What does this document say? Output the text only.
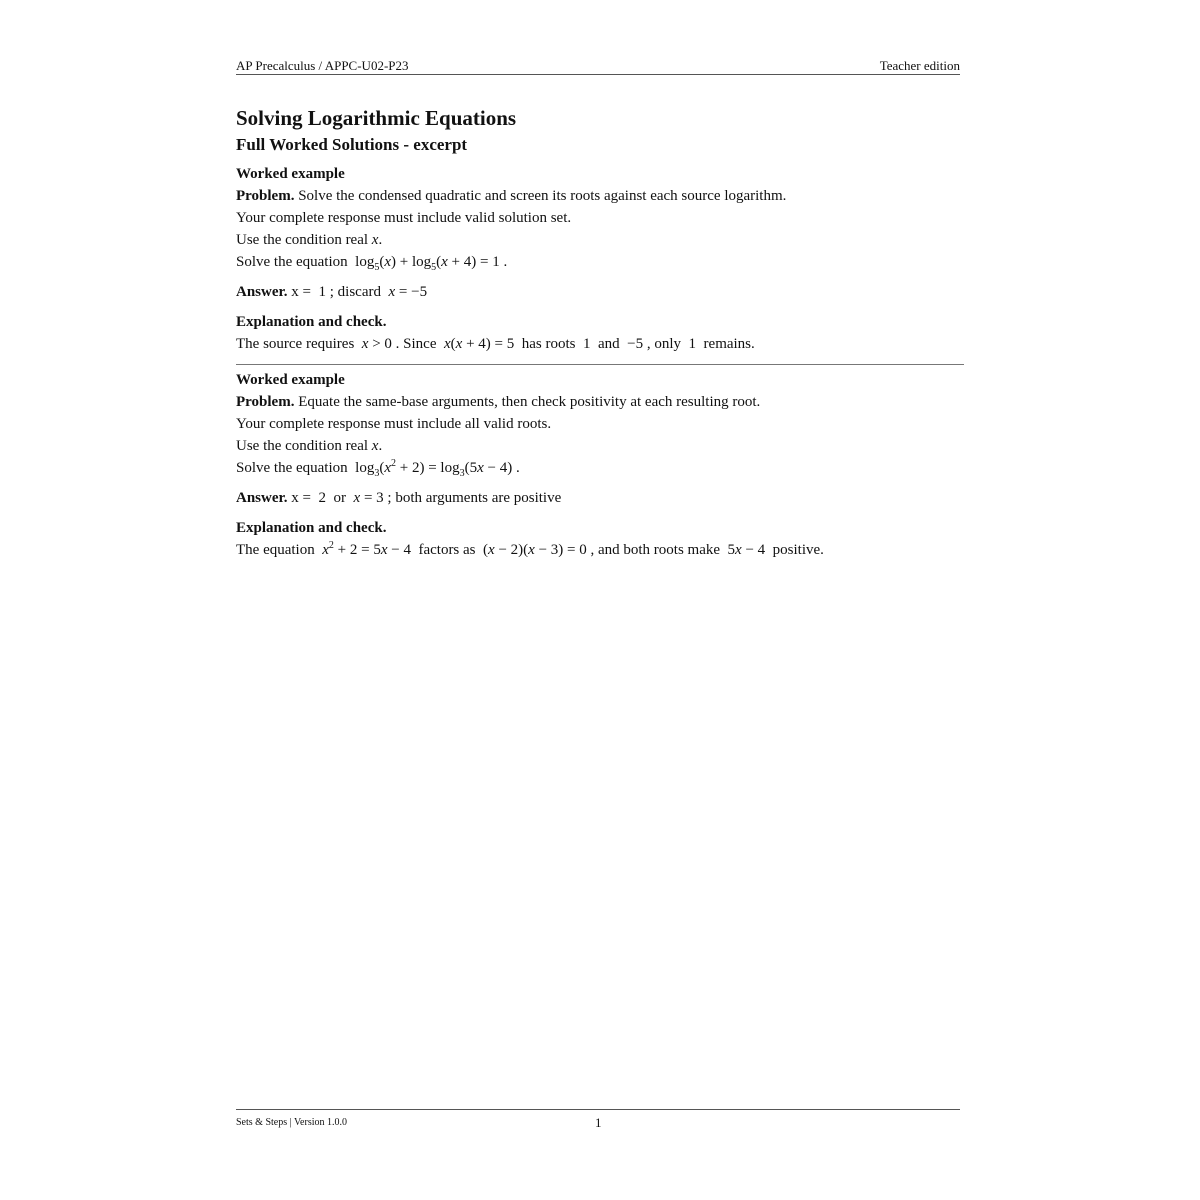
AP Precalculus / APPC-U02-P23	Teacher edition
Solving Logarithmic Equations
Full Worked Solutions - excerpt
Worked example
Problem. Solve the condensed quadratic and screen its roots against each source logarithm.
Your complete response must include valid solution set.
Use the condition real x.
Solve the equation  $\log_5(x) + \log_5(x + 4) = 1$ .
Answer. x =  1 ; discard  x = −5
Explanation and check.
The source requires  x > 0 . Since  x(x + 4) = 5  has roots  1  and  −5 , only  1  remains.
Worked example
Problem. Equate the same-base arguments, then check positivity at each resulting root.
Your complete response must include all valid roots.
Use the condition real x.
Solve the equation  $\log_3(x^2 + 2) = \log_3(5x - 4)$ .
Answer. x =  2  or  x = 3 ; both arguments are positive
Explanation and check.
The equation  $x^2 + 2 = 5x - 4$  factors as  (x − 2)(x − 3) = 0 , and both roots make  5x − 4  positive.
Sets & Steps | Version 1.0.0	1
